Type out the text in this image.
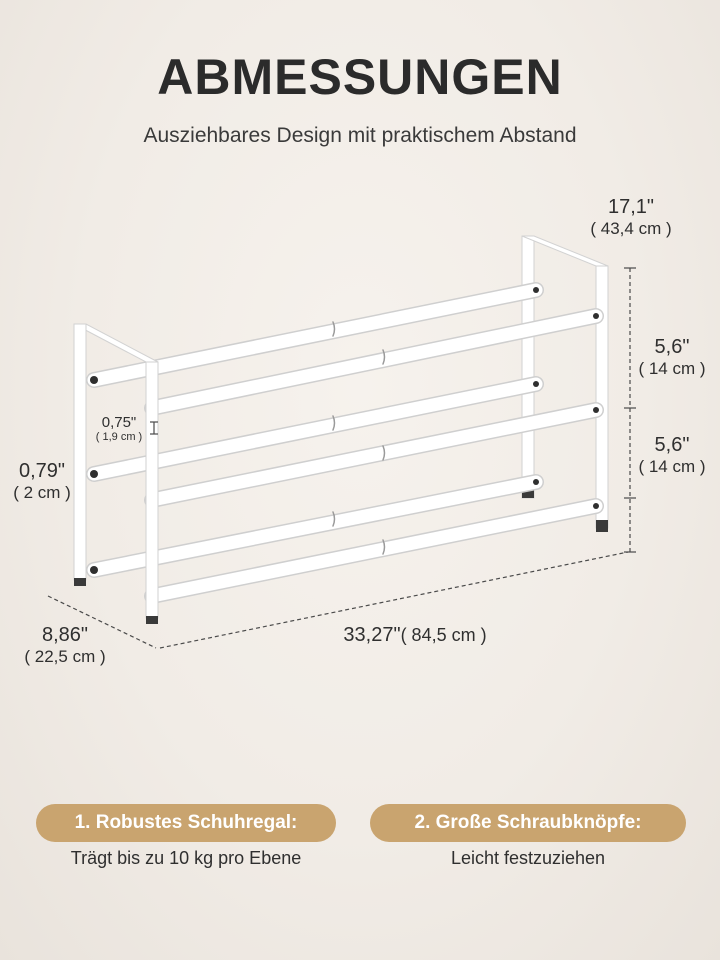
ABMESSUNGEN
Ausziehbares Design mit praktischem Abstand
17,1"
( 43,4 cm )
5,6"
( 14 cm )
5,6"
( 14 cm )
0,75"
( 1,9 cm )
0,79"
( 2 cm )
8,86"
( 22,5 cm )
33,27"( 84,5 cm )
1. Robustes Schuhregal:
Trägt bis zu 10 kg pro Ebene
2. Große Schraubknöpfe:
Leicht festzuziehen
